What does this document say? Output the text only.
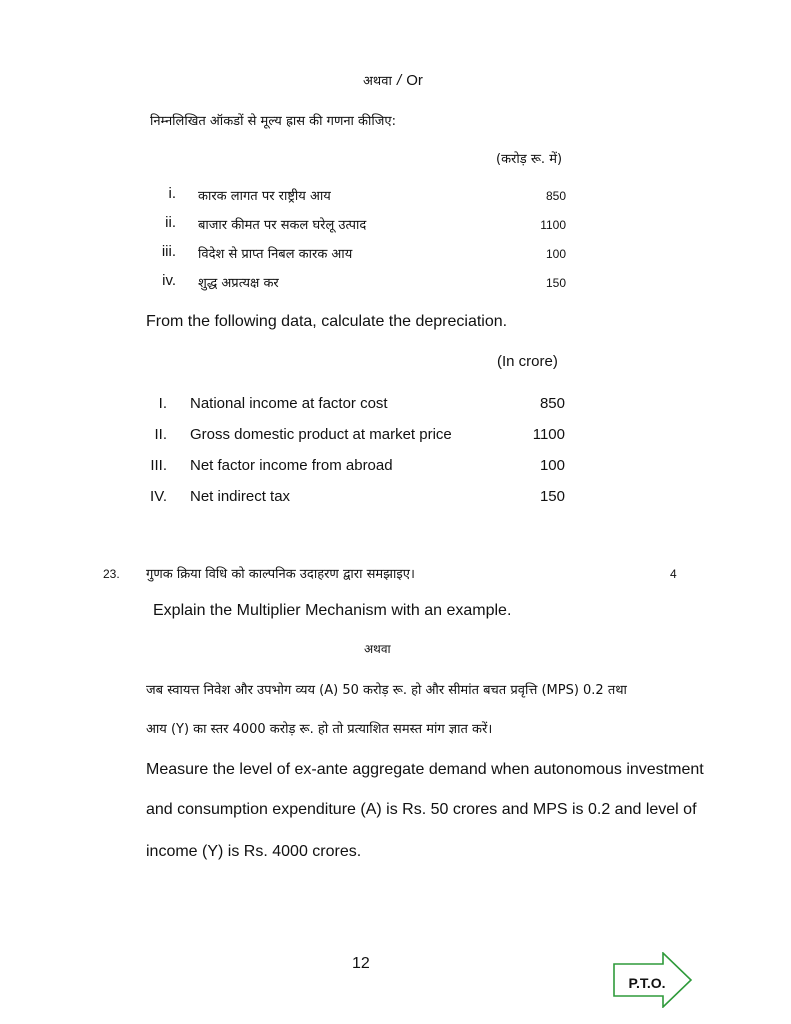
अथवा / Or
निम्नलिखित ऑकडों से मूल्य ह्रास की गणना कीजिए:
(करोड़ रू. में)
i. कारक लागत पर राष्ट्रीय आय	850
ii. बाजार कीमत पर सकल घरेलू उत्पाद	1100
iii. विदेश से प्राप्त निबल कारक आय	100
iv. शुद्ध अप्रत्यक्ष कर	150
From the following data, calculate the depreciation.
(In crore)
I. National income at factor cost	850
II. Gross domestic product at market price	1100
III. Net factor income from abroad	100
IV. Net indirect tax	150
23. गुणक क्रिया विधि को काल्पनिक उदाहरण द्वारा समझाइए।	4
Explain the Multiplier Mechanism with an example.
अथवा
जब स्वायत्त निवेश और उपभोग व्यय (A) 50 करोड़ रू. हो और सीमांत बचत प्रवृत्ति (MPS) 0.2 तथा
आय (Y) का स्तर 4000 करोड़ रू. हो तो प्रत्याशित समस्त मांग ज्ञात करें।
Measure the level of ex-ante aggregate demand when autonomous investment
and consumption expenditure (A) is Rs. 50 crores and MPS is 0.2 and level of
income (Y) is Rs. 4000 crores.
12
P.T.O.
